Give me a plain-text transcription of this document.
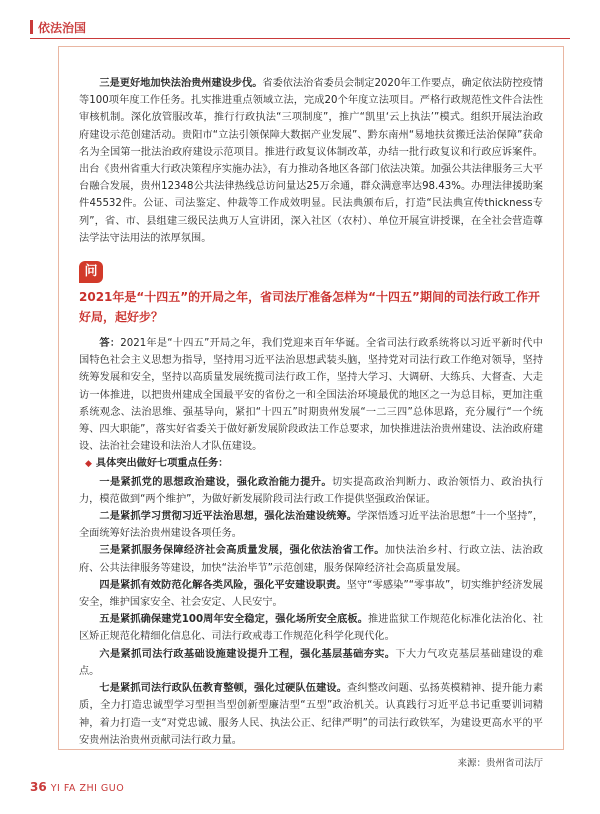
依法治国

三是更好地加快法治贵州建设步伐。省委依法治省委员会制定2020年工作要点，确定依法防控疫情等100项年度工作任务。扎实推进重点领域立法，完成20个年度立法项目。严格行政规范性文件合法性审核机制。深化放管服改革，推行行政执法“三项制度”，推广“凯里‘云上执法’”模式。组织开展法治政府建设示范创建活动。贵阳市“立法引领保障大数据产业发展”、黔东南州“易地扶贫搬迁法治保障”获命名为全国第一批法治政府建设示范项目。推进行政复议体制改革，办结一批行政复议和行政应诉案件。出台《贵州省重大行政决策程序实施办法》，有力推动各地区各部门依法决策。加强公共法律服务三大平台融合发展，贵州12348公共法律热线总访问量达25万余通，群众满意率达98.43%。办理法律援助案件45532件。公证、司法鉴定、仲裁等工作成效明显。民法典颁布后，打造“民法典宣传thickness专列”，省、市、县组建三级民法典万人宣讲团，深入社区（农村）、单位开展宣讲授课，在全社会营造尊法学法守法用法的浓厚氛围。

问

2021年是“十四五”的开局之年，省司法厅准备怎样为“十四五”期间的司法行政工作开好局，起好步？

答：2021年是“十四五”开局之年，我们党迎来百年华诞。全省司法行政系统将以习近平新时代中国特色社会主义思想为指导，坚持用习近平法治思想武装头脑，坚持党对司法行政工作绝对领导，坚持统筹发展和安全，坚持以高质量发展统揽司法行政工作，坚持大学习、大调研、大练兵、大督查、大走访一体推进，以把贵州建成全国最平安的省份之一和全国法治环境最优的地区之一为总目标，更加注重系统观念、法治思维、强基导向，紧扣“十四五”时期贵州发展“一二三四”总体思路，充分履行“一个统筹、四大职能”，落实好省委关于做好新发展阶段政法工作总要求，加快推进法治贵州建设、法治政府建设、法治社会建设和法治人才队伍建设。

◆ 具体突出做好七项重点任务：

一是紧抓党的思想政治建设，强化政治能力提升。切实提高政治判断力、政治领悟力、政治执行力，模范做到“两个维护”，为做好新发展阶段司法行政工作提供坚强政治保证。

二是紧抓学习贯彻习近平法治思想，强化法治建设统筹。学深悟透习近平法治思想“十一个坚持”，全面统筹好法治贵州建设各项任务。

三是紧抓服务保障经济社会高质量发展，强化依法治省工作。加快法治乡村、行政立法、法治政府、公共法律服务等建设，加快“法治毕节”示范创建，服务保障经济社会高质量发展。

四是紧抓有效防范化解各类风险，强化平安建设职责。坚守“零感染”“零事故”，切实维护经济发展安全，维护国家安全、社会安定、人民安宁。

五是紧抓确保建党100周年安全稳定，强化场所安全底板。推进监狱工作规范化标准化法治化、社区矫正规范化精细化信息化、司法行政戒毒工作规范化科学化现代化。

六是紧抓司法行政基础设施建设提升工程，强化基层基础夯实。下大力气攻克基层基础建设的难点。

七是紧抓司法行政队伍教育整顿，强化过硬队伍建设。查纠整改问题、弘扬英模精神、提升能力素质，全力打造忠诚型学习型担当型创新型廉洁型“五型”政治机关。认真践行习近平总书记重要训词精神，着力打造一支“对党忠诚、服务人民、执法公正、纪律严明”的司法行政铁军，为建设更高水平的平安贵州法治贵州贡献司法行政力量。

来源：贵州省司法厅
36 YI FA ZHI GUO
